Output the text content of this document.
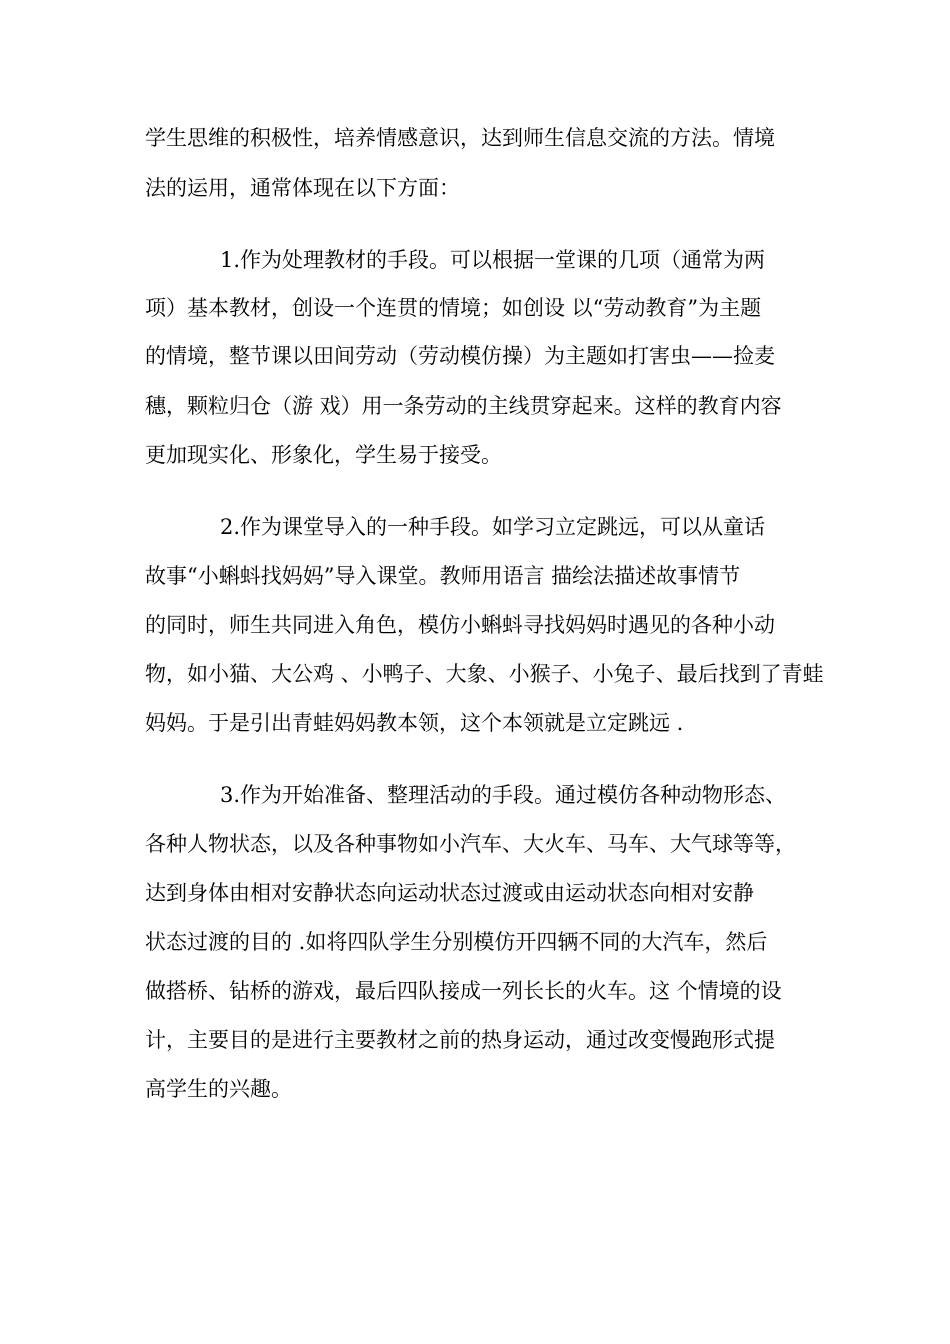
学生思维的积极性，培养情感意识，达到师生信息交流的方法。情境

法的运用，通常体现在以下方面：

1.作为处理教材的手段。可以根据一堂课的几项（通常为两

项）基本教材，创设一个连贯的情境；如创设 以“劳动教育”为主题

的情境，整节课以田间劳动（劳动模仿操）为主题如打害虫——捡麦

穗，颗粒归仓（游 戏）用一条劳动的主线贯穿起来。这样的教育内容

更加现实化、形象化，学生易于接受。

2.作为课堂导入的一种手段。如学习立定跳远，可以从童话

故事“小蝌蚪找妈妈”导入课堂。教师用语言 描绘法描述故事情节

的同时，师生共同进入角色，模仿小蝌蚪寻找妈妈时遇见的各种小动

物，如小猫、大公鸡 、小鸭子、大象、小猴子、小兔子、最后找到了青蛙

妈妈。于是引出青蛙妈妈教本领，这个本领就是立定跳远 .

3.作为开始准备、整理活动的手段。通过模仿各种动物形态、

各种人物状态，以及各种事物如小汽车、大火车、马车、大气球等等，

达到身体由相对安静状态向运动状态过渡或由运动状态向相对安静

状态过渡的目的 .如将四队学生分别模仿开四辆不同的大汽车，然后

做搭桥、钻桥的游戏，最后四队接成一列长长的火车。这 个情境的设

计，主要目的是进行主要教材之前的热身运动，通过改变慢跑形式提

高学生的兴趣。
